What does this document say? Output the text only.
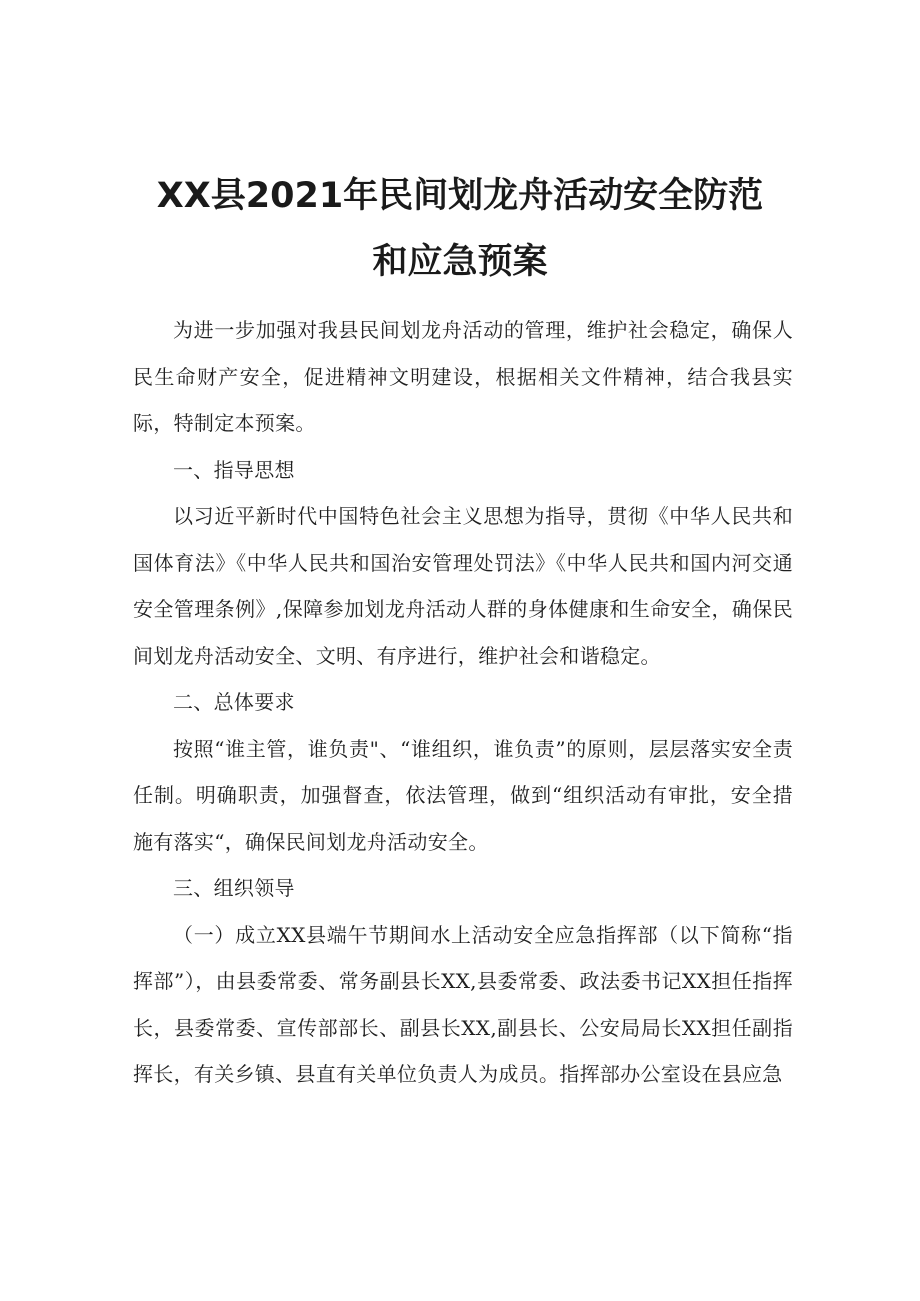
XX县2021年民间划龙舟活动安全防范
和应急预案

为进一步加强对我县民间划龙舟活动的管理，维护社会稳定，确保人民生命财产安全，促进精神文明建设，根据相关文件精神，结合我县实际，特制定本预案。

一、指导思想

以习近平新时代中国特色社会主义思想为指导，贯彻《中华人民共和国体育法》《中华人民共和国治安管理处罚法》《中华人民共和国内河交通安全管理条例》,保障参加划龙舟活动人群的身体健康和生命安全，确保民间划龙舟活动安全、文明、有序进行，维护社会和谐稳定。

二、总体要求

按照“谁主管，谁负责"、“谁组织，谁负责”的原则，层层落实安全责任制。明确职责，加强督查，依法管理，做到“组织活动有审批，安全措施有落实“，确保民间划龙舟活动安全。

三、组织领导

（一）成立XX县端午节期间水上活动安全应急指挥部（以下简称“指挥部”），由县委常委、常务副县长XX,县委常委、政法委书记XX担任指挥长，县委常委、宣传部部长、副县长XX,副县长、公安局局长XX担任副指挥长，有关乡镇、县直有关单位负责人为成员。指挥部办公室设在县应急
